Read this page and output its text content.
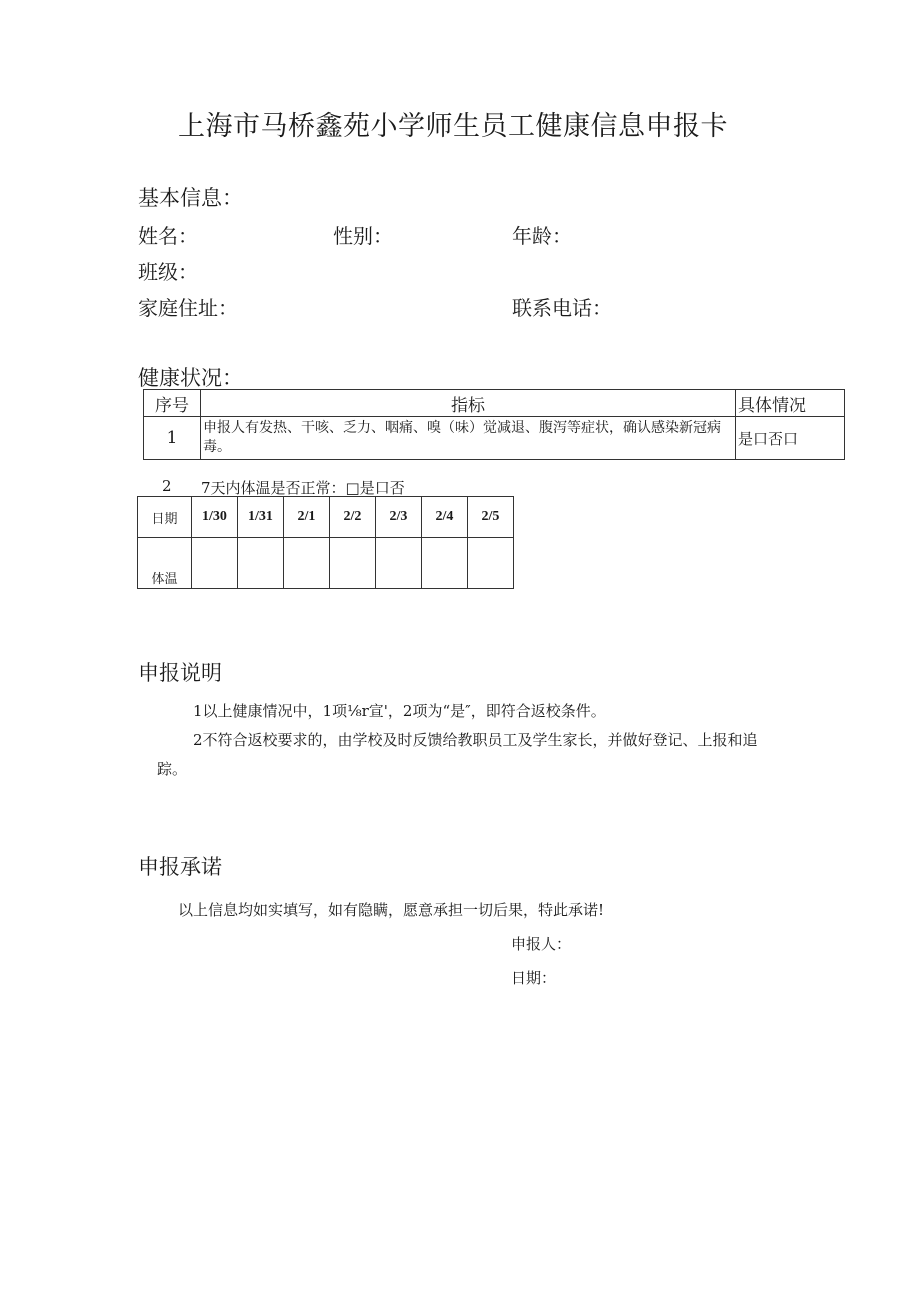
上海市马桥鑫苑小学师生员工健康信息申报卡
基本信息：
姓名：	性别：	年龄：
班级：
家庭住址：	联系电话：
健康状况：
序号	指标	具体情况
1	申报人有发热、干咳、乏力、咽痛、嗅（味）觉减退、腹泻等症状，确认感染新冠病毒。	是口否口
2 7天内体温是否正常：□是口否
日期	1/30	1/31	2/1	2/2	2/3	2/4	2/5
体温							
申报说明
1以上健康情况中，1项⅛r宣'，2项为“是″，即符合返校条件。
2不符合返校要求的，由学校及时反馈给教职员工及学生家长，并做好登记、上报和追
踪。
申报承诺
以上信息均如实填写，如有隐瞒，愿意承担一切后果，特此承诺!
申报人：
日期：
